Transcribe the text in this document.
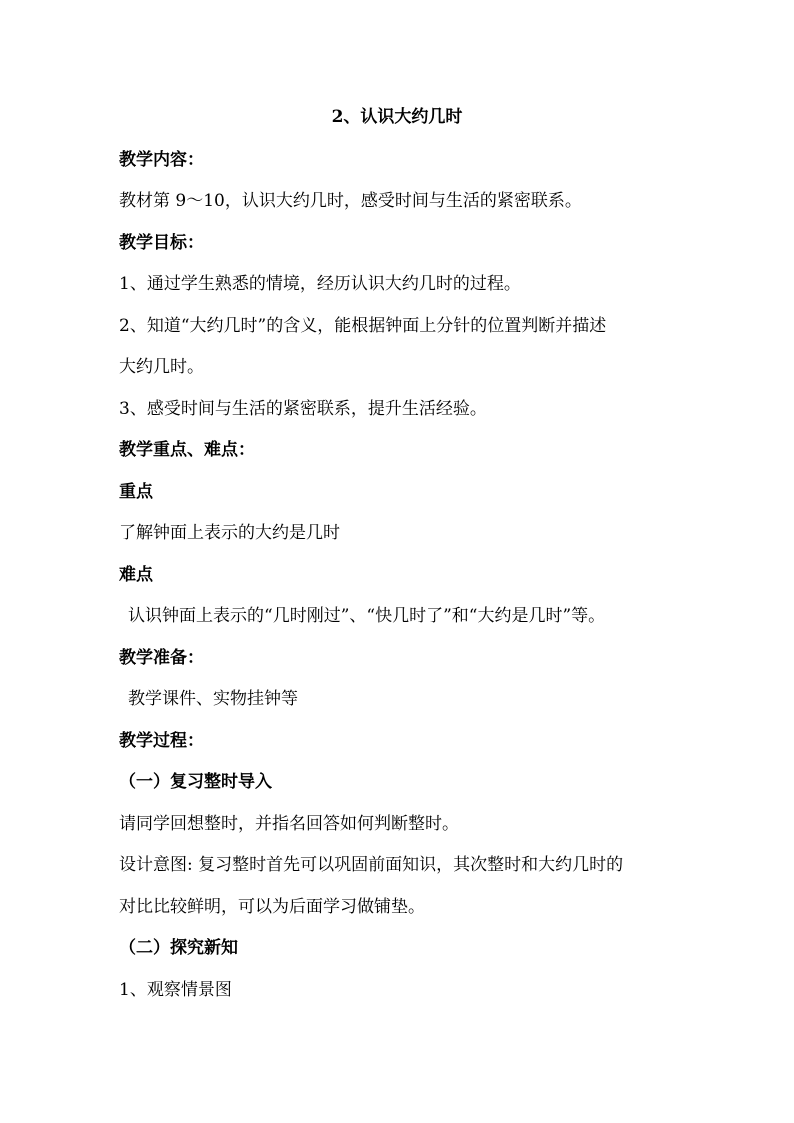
2、认识大约几时
教学内容：
教材第 9～10，认识大约几时，感受时间与生活的紧密联系。
教学目标：
1、通过学生熟悉的情境，经历认识大约几时的过程。
2、知道“大约几时”的含义，能根据钟面上分针的位置判断并描述
大约几时。
3、感受时间与生活的紧密联系，提升生活经验。
教学重点、难点：
重点
了解钟面上表示的大约是几时
难点
认识钟面上表示的“几时刚过”、“快几时了”和“大约是几时”等。
教学准备：
教学课件、实物挂钟等
教学过程：
（一）复习整时导入
请同学回想整时，并指名回答如何判断整时。
设计意图: 复习整时首先可以巩固前面知识，其次整时和大约几时的
对比比较鲜明，可以为后面学习做铺垫。
（二）探究新知
1、观察情景图
